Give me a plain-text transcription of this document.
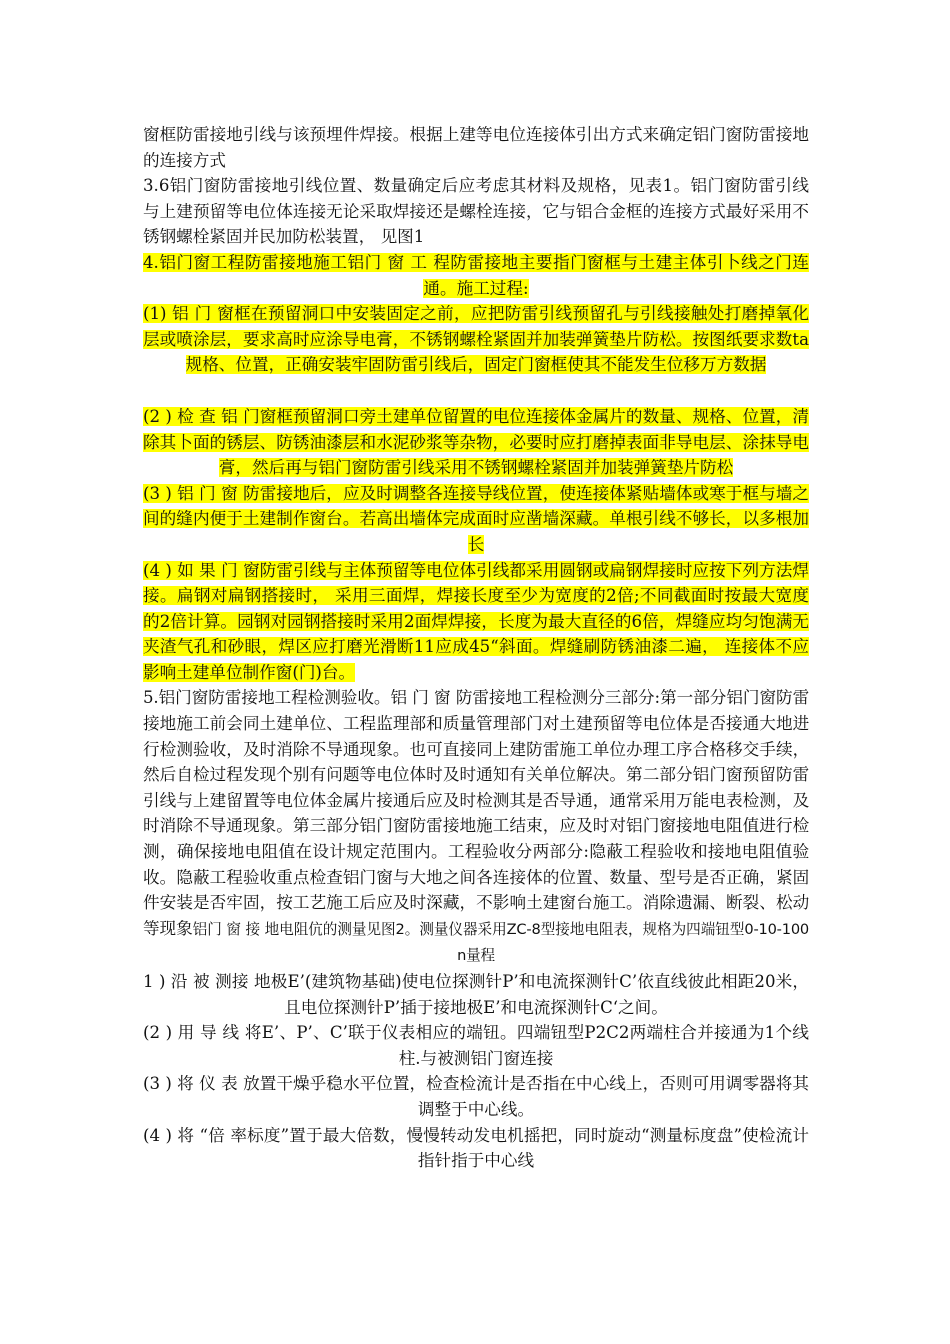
窗框防雷接地引线与该预埋件焊接。根据上建等电位连接体引出方式来确定铝门窗防雷接地的连接方式

3.6铝门窗防雷接地引线位置、数量确定后应考虑其材料及规格，见表1。铝门窗防雷引线与上建预留等电位体连接无论采取焊接还是螺栓连接，它与铝合金框的连接方式最好采用不锈钢螺栓紧固并民加防松装置， 见图1

4.铝门窗工程防雷接地施工铝门 窗 工 程防雷接地主要指门窗框与土建主体引卜线之门连通。施工过程:

(1) 铝 门 窗框在预留洞口中安装固定之前，应把防雷引线预留孔与引线接触处打磨掉氧化层或喷涂层，要求高时应涂导电膏，不锈钢螺栓紧固并加装弹簧垫片防松。按图纸要求数ta规格、位置，正确安装牢固防雷引线后，固定门窗框使其不能发生位移万方数据

(2 ) 检 查 铝 门窗框预留洞口旁土建单位留置的电位连接体金属片的数量、规格、位置，清除其卜面的锈层、防锈油漆层和水泥砂浆等杂物，必要时应打磨掉表面非导电层、涂抹导电膏，然后再与铝门窗防雷引线采用不锈钢螺栓紧固并加装弹簧垫片防松

(3 ) 铝 门 窗 防雷接地后，应及时调整各连接导线位置，使连接体紧贴墙体或寒于框与墙之间的缝内便于土建制作窗台。若高出墙体完成面时应凿墙深藏。单根引线不够长，以多根加长

(4 ) 如 果 门 窗防雷引线与主体预留等电位体引线都采用圆钢或扁钢焊接时应按下列方法焊接。扁钢对扁钢搭接时， 采用三面焊，焊接长度至少为宽度的2倍;不同截面时按最大宽度的2倍计算。园钢对园钢搭接时采用2面焊焊接，长度为最大直径的6倍，焊缝应均匀饱满无夹渣气孔和砂眼，焊区应打磨光滑断11应成45“斜面。焊缝刷防锈油漆二遍， 连接体不应影响土建单位制作窗(门)台。

5.铝门窗防雷接地工程检测验收。铝 门 窗 防雷接地工程检测分三部分:第一部分铝门窗防雷接地施工前会同土建单位、工程监理部和质量管理部门对土建预留等电位体是否接通大地进行检测验收，及时消除不导通现象。也可直接同上建防雷施工单位办理工序合格移交手续，然后自检过程发现个别有问题等电位体时及时通知有关单位解决。第二部分铝门窗预留防雷引线与上建留置等电位体金属片接通后应及时检测其是否导通，通常采用万能电表检测，及时消除不导通现象。第三部分铝门窗防雷接地施工结束，应及时对铝门窗接地电阻值进行检测，确保接地电阻值在设计规定范围内。工程验收分两部分:隐蔽工程验收和接地电阻值验收。隐蔽工程验收重点检查铝门窗与大地之间各连接体的位置、数量、型号是否正确，紧固件安装是否牢固，按工艺施工后应及时深藏，不影响土建窗台施工。消除遗漏、断裂、松动等现象铝门 窗 接 地电阻伉的测量见图2。测量仪器采用ZC-8型接地电阻表，规格为四端钮型0-10-100 n量程

1 ) 沿 被 测接 地极E’(建筑物基础)使电位探测针P’和电流探测针C’依直线彼此相距20米，且电位探测针P’插于接地极E’和电流探测针C‘之间。

(2 ) 用 导 线 将E’、P’、C’联于仪表相应的端钮。四端钮型P2C2两端柱合并接通为1个线柱.与被测铝门窗连接

(3 ) 将 仪 表 放置干燥乎稳水平位置，检查检流计是否指在中心线上，否则可用调零器将其调整于中心线。

(4 ) 将 “倍 率标度”置于最大倍数，慢慢转动发电机摇把，同时旋动“测量标度盘”使检流计指针指于中心线
